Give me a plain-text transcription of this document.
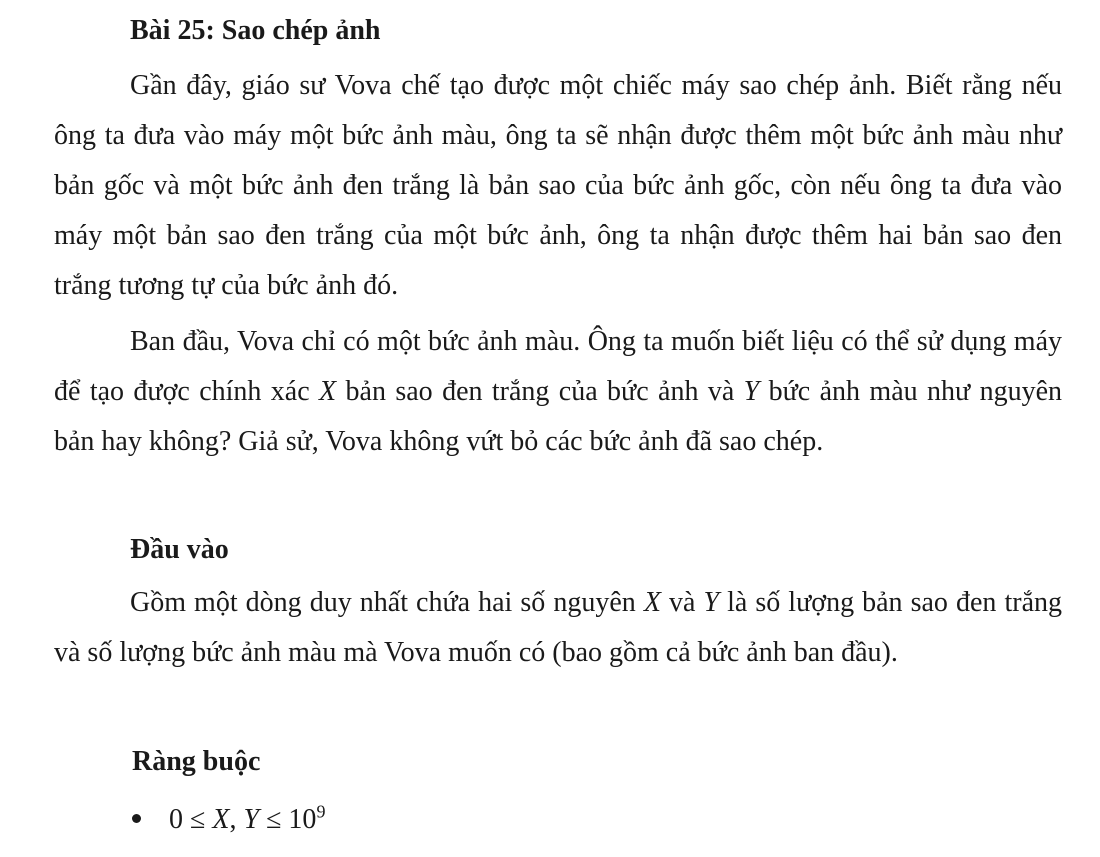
Bài 25: Sao chép ảnh

Gần đây, giáo sư Vova chế tạo được một chiếc máy sao chép ảnh. Biết rằng nếu ông ta đưa vào máy một bức ảnh màu, ông ta sẽ nhận được thêm một bức ảnh màu như bản gốc và một bức ảnh đen trắng là bản sao của bức ảnh gốc, còn nếu ông ta đưa vào máy một bản sao đen trắng của một bức ảnh, ông ta nhận được thêm hai bản sao đen trắng tương tự của bức ảnh đó.

Ban đầu, Vova chỉ có một bức ảnh màu. Ông ta muốn biết liệu có thể sử dụng máy để tạo được chính xác X bản sao đen trắng của bức ảnh và Y bức ảnh màu như nguyên bản hay không? Giả sử, Vova không vứt bỏ các bức ảnh đã sao chép.

Đầu vào

Gồm một dòng duy nhất chứa hai số nguyên X và Y là số lượng bản sao đen trắng và số lượng bức ảnh màu mà Vova muốn có (bao gồm cả bức ảnh ban đầu).

Ràng buộc
0 ≤ X, $Y \le 10^9$
